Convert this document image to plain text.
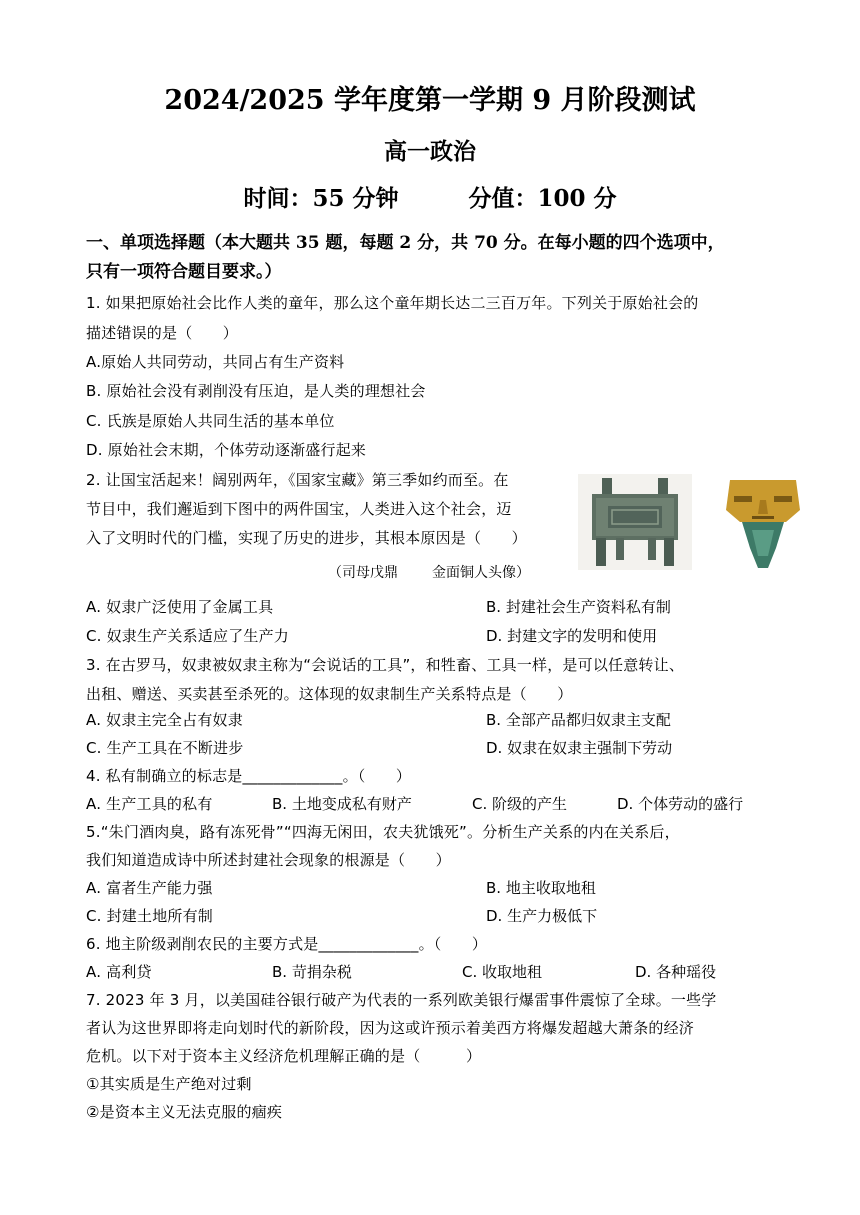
2024/2025 学年度第一学期 9 月阶段测试
高一政治
时间：55 分钟	分值：100 分
一、单项选择题（本大题共 35 题，每题 2 分，共 70 分。在每小题的四个选项中，
只有一项符合题目要求。）
1. 如果把原始社会比作人类的童年，那么这个童年期长达二三百万年。下列关于原始社会的
描述错误的是（　　）
A.原始人共同劳动，共同占有生产资料
B. 原始社会没有剥削没有压迫，是人类的理想社会
C. 氏族是原始人共同生活的基本单位
D. 原始社会末期，个体劳动逐渐盛行起来
2. 让国宝活起来！阔别两年，《国家宝藏》第三季如约而至。在
节目中，我们邂逅到下图中的两件国宝，人类进入这个社会，迈
入了文明时代的门槛，实现了历史的进步，其根本原因是（　　）
（司母戊鼎 金面铜人头像）
A. 奴隶广泛使用了金属工具	B. 封建社会生产资料私有制
C. 奴隶生产关系适应了生产力	D. 封建文字的发明和使用
3. 在古罗马，奴隶被奴隶主称为“会说话的工具”，和牲畜、工具一样，是可以任意转让、
出租、赠送、买卖甚至杀死的。这体现的奴隶制生产关系特点是（　　）
A. 奴隶主完全占有奴隶	B. 全部产品都归奴隶主支配
C. 生产工具在不断进步	D. 奴隶在奴隶主强制下劳动
4. 私有制确立的标志是_____________。（　　）
A. 生产工具的私有	B. 土地变成私有财产	C. 阶级的产生	D. 个体劳动的盛行
5.“朱门酒肉臭，路有冻死骨”“四海无闲田，农夫犹饿死”。分析生产关系的内在关系后，
我们知道造成诗中所述封建社会现象的根源是（　　）
A. 富者生产能力强	B. 地主收取地租
C. 封建土地所有制	D. 生产力极低下
6. 地主阶级剥削农民的主要方式是_____________。（　　）
A. 高利贷	B. 苛捐杂税	C. 收取地租	D. 各种瑶役
7. 2023 年 3 月，以美国硅谷银行破产为代表的一系列欧美银行爆雷事件震惊了全球。一些学
者认为这世界即将走向划时代的新阶段，因为这或许预示着美西方将爆发超越大萧条的经济
危机。以下对于资本主义经济危机理解正确的是（　　　）
①其实质是生产绝对过剩
②是资本主义无法克服的痼疾
